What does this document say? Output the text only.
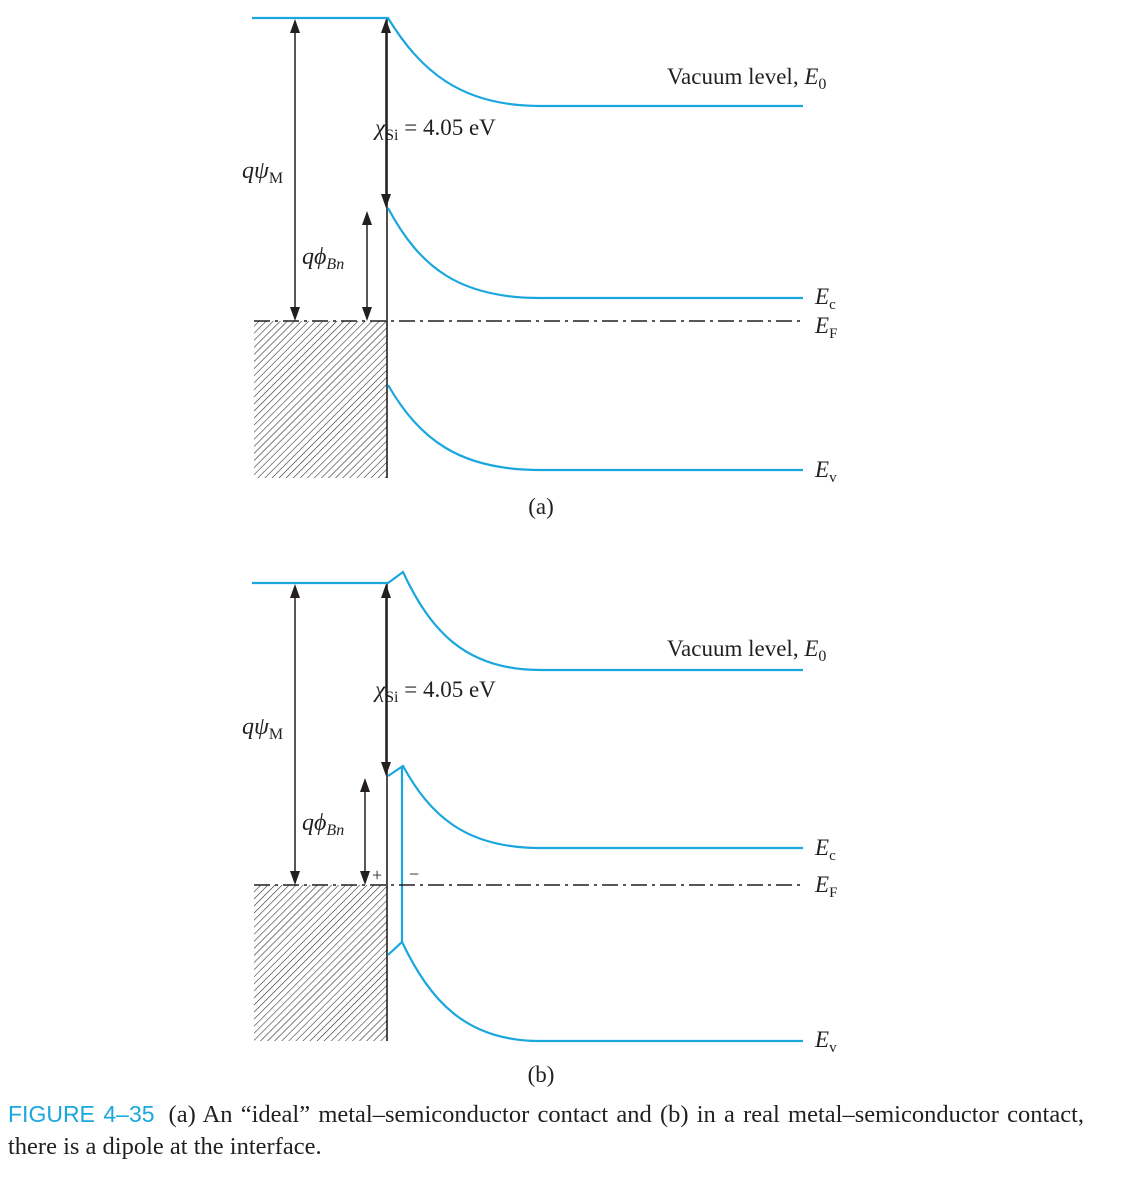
Vacuum level, $E_0$
$\chi_{Si} = 4.05$ eV
$q\psi_M$
$q\phi_{Bn}$
$E_c$
$E_F$
$E_v$
(a)
Vacuum level, $E_0$
$\chi_{Si} = 4.05$ eV
$q\psi_M$
$q\phi_{Bn}$
+ −
$E_c$
$E_F$
$E_v$
(b)
FIGURE 4–35 (a) An “ideal” metal–semiconductor contact and (b) in a real metal–semiconductor contact, there is a dipole at the interface.
